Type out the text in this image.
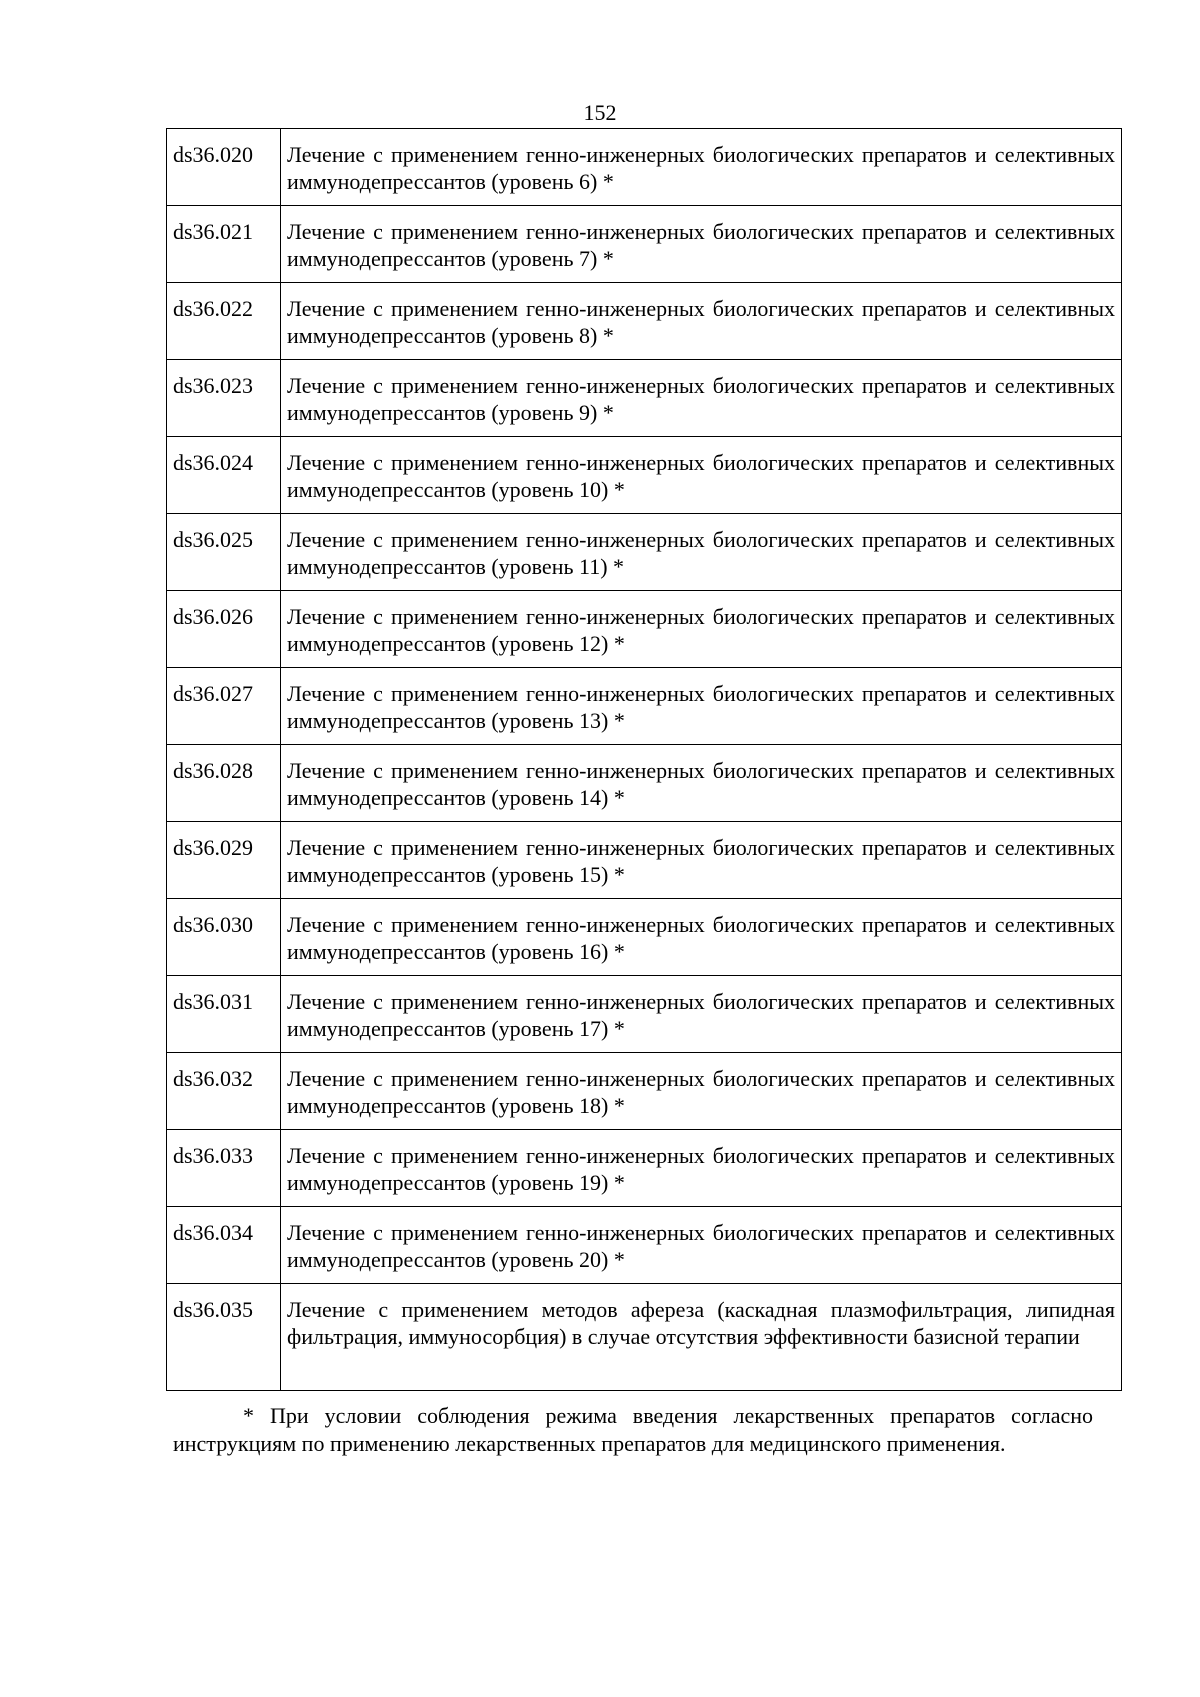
152
ds36.020	Лечение с применением генно-инженерных биологических препаратов и селективных иммунодепрессантов (уровень 6) *
ds36.021	Лечение с применением генно-инженерных биологических препаратов и селективных иммунодепрессантов (уровень 7) *
ds36.022	Лечение с применением генно-инженерных биологических препаратов и селективных иммунодепрессантов (уровень 8) *
ds36.023	Лечение с применением генно-инженерных биологических препаратов и селективных иммунодепрессантов (уровень 9) *
ds36.024	Лечение с применением генно-инженерных биологических препаратов и селективных иммунодепрессантов (уровень 10) *
ds36.025	Лечение с применением генно-инженерных биологических препаратов и селективных иммунодепрессантов (уровень 11) *
ds36.026	Лечение с применением генно-инженерных биологических препаратов и селективных иммунодепрессантов (уровень 12) *
ds36.027	Лечение с применением генно-инженерных биологических препаратов и селективных иммунодепрессантов (уровень 13) *
ds36.028	Лечение с применением генно-инженерных биологических препаратов и селективных иммунодепрессантов (уровень 14) *
ds36.029	Лечение с применением генно-инженерных биологических препаратов и селективных иммунодепрессантов (уровень 15) *
ds36.030	Лечение с применением генно-инженерных биологических препаратов и селективных иммунодепрессантов (уровень 16) *
ds36.031	Лечение с применением генно-инженерных биологических препаратов и селективных иммунодепрессантов (уровень 17) *
ds36.032	Лечение с применением генно-инженерных биологических препаратов и селективных иммунодепрессантов (уровень 18) *
ds36.033	Лечение с применением генно-инженерных биологических препаратов и селективных иммунодепрессантов (уровень 19) *
ds36.034	Лечение с применением генно-инженерных биологических препаратов и селективных иммунодепрессантов (уровень 20) *
ds36.035	Лечение с применением методов афереза (каскадная плазмофильтрация, липидная фильтрация, иммуносорбция) в случае отсутствия эффективности базисной терапии
* При условии соблюдения режима введения лекарственных препаратов согласно инструкциям по применению лекарственных препаратов для медицинского применения.
